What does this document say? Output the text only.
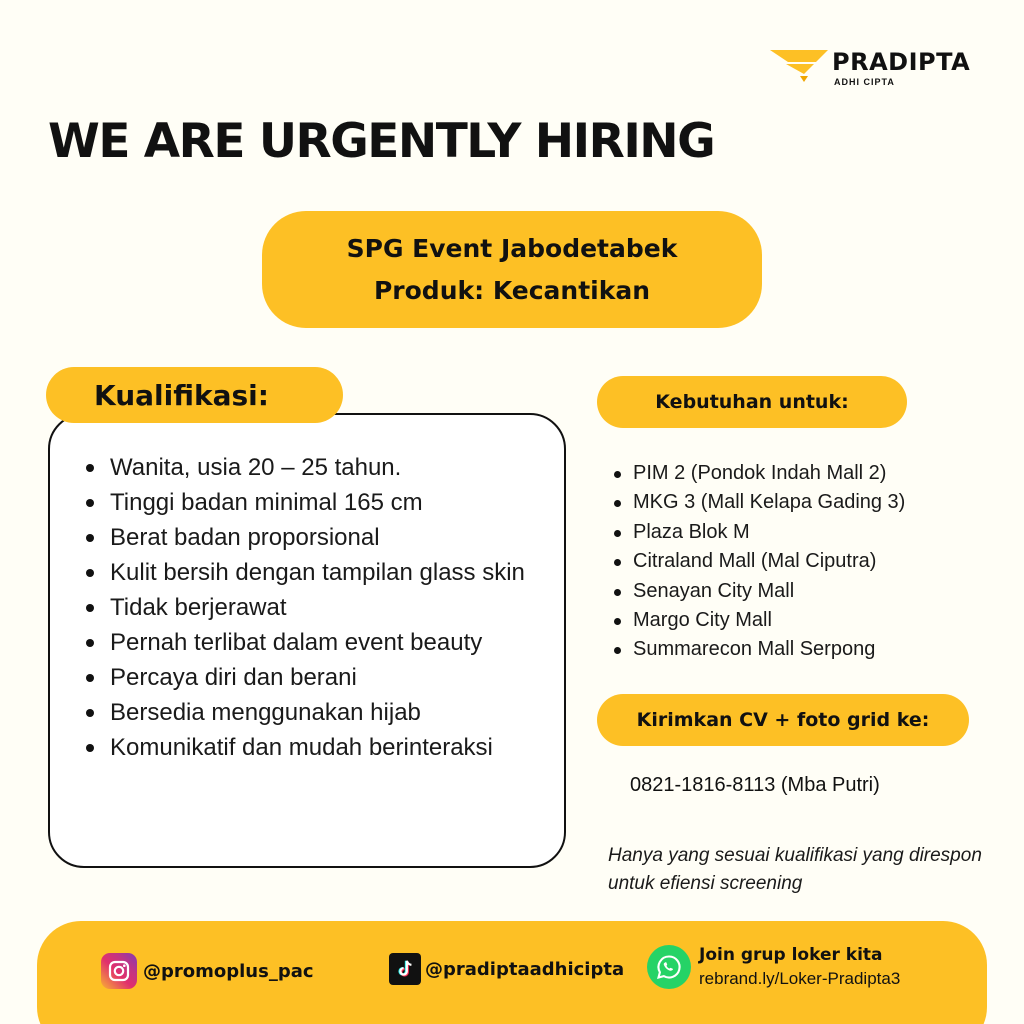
PRADIPTA
ADHI CIPTA
WE ARE URGENTLY HIRING
SPG Event Jabodetabek
Produk: Kecantikan
Kualifikasi:
Wanita, usia 20 – 25 tahun.
Tinggi badan minimal 165 cm
Berat badan proporsional
Kulit bersih dengan tampilan glass skin
Tidak berjerawat
Pernah terlibat dalam event beauty
Percaya diri dan berani
Bersedia menggunakan hijab
Komunikatif dan mudah berinteraksi
Kebutuhan untuk:
PIM 2 (Pondok Indah Mall 2)
MKG 3 (Mall Kelapa Gading 3)
Plaza Blok M
Citraland Mall (Mal Ciputra)
Senayan City Mall
Margo City Mall
Summarecon Mall Serpong
Kirimkan CV + foto grid ke:
0821-1816-8113 (Mba Putri)
Hanya yang sesuai kualifikasi yang direspon untuk efiensi screening
@promoplus_pac	@pradiptaadhicipta
Join grup loker kita
rebrand.ly/Loker-Pradipta3
